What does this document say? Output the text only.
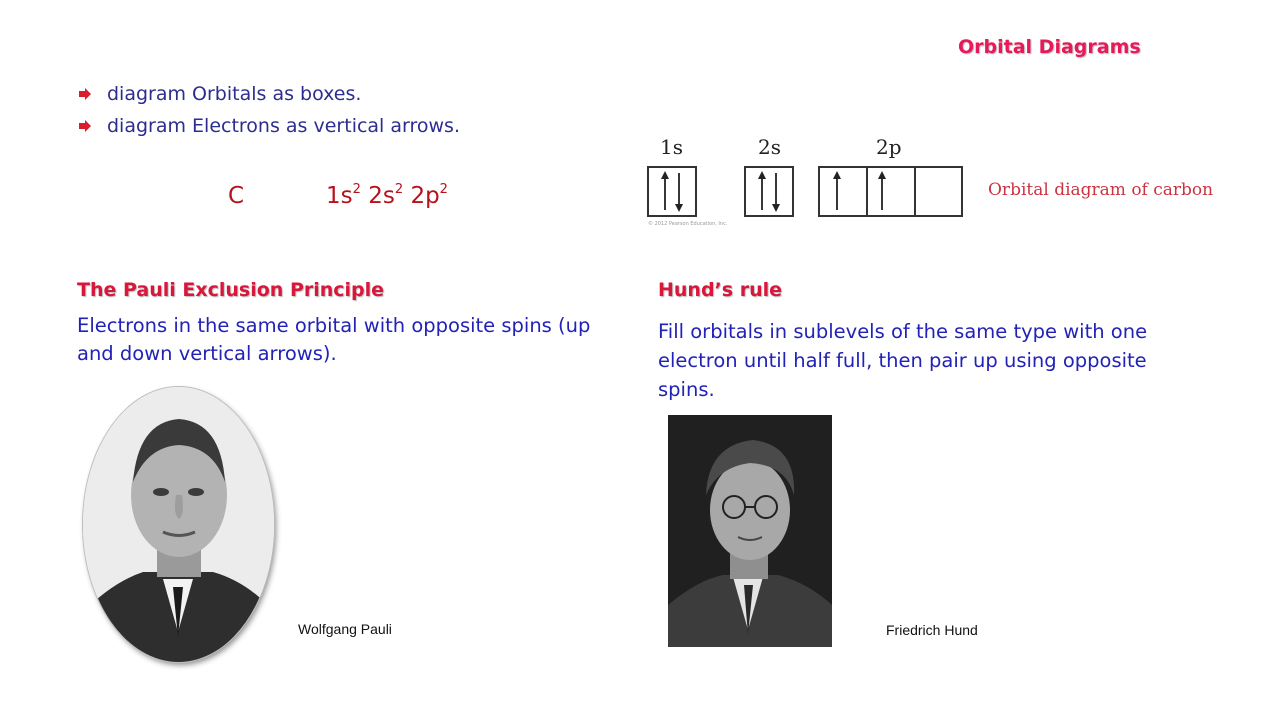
Orbital Diagrams
diagram Orbitals as boxes.
diagram Electrons as vertical arrows.
C	$1s^2$ $2s^2$ $2p^2$
1s	2s	2p
© 2012 Pearson Education, Inc.
Orbital diagram of carbon
The Pauli Exclusion Principle
Electrons in the same orbital with opposite spins (up and down vertical arrows).
Hund’s rule
Fill orbitals in sublevels of the same type with one electron until half full, then pair up using opposite spins.
Wolfgang Pauli	Friedrich Hund
